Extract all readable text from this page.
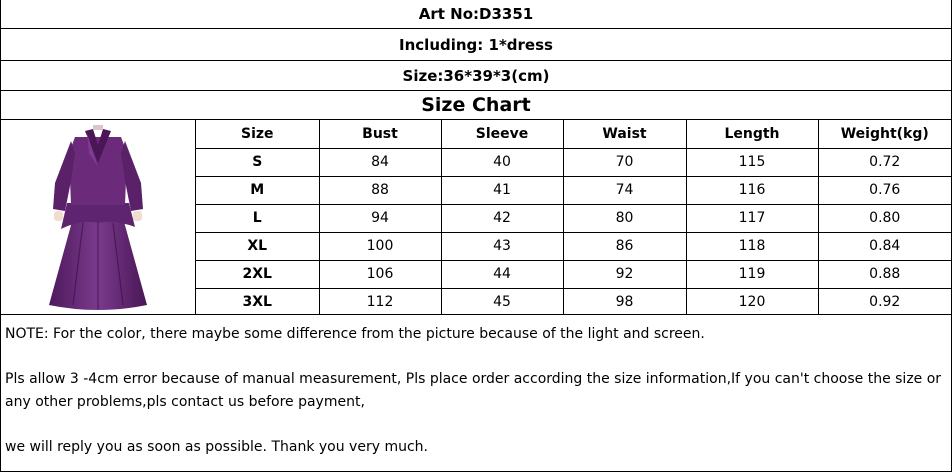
Art No:D3351
Including: 1*dress
Size:36*39*3(cm)
Size Chart
Size	Bust	Sleeve	Waist	Length	Weight(kg)
S	84	40	70	115	0.72
M	88	41	74	116	0.76
L	94	42	80	117	0.80
XL	100	43	86	118	0.84
2XL	106	44	92	119	0.88
3XL	112	45	98	120	0.92

NOTE: For the color, there maybe some difference from the picture because of the light and screen.

Pls allow 3 -4cm error because of manual measurement, Pls place order according the size information,If you can't choose the size or any other problems,pls contact us before payment,

we will reply you as soon as possible. Thank you very much.
